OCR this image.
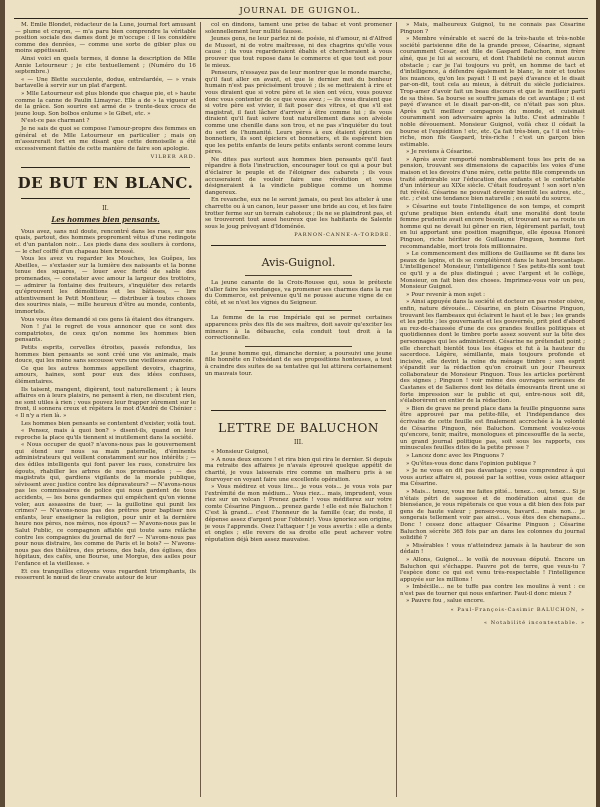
JOURNAL DE GUIGNOL.

M. Emile Blondet, rédacteur de la Lune, journal fort amusant — plume et crayon, — m'a paru bien comprendre la véritable position sociale des dames dont je m'occupe : il les considère comme des denrées, — comme une sorte de gibier plus ou moins appétissant.

Ainsi voici en quels termes, il donne la description de Mlle Annie Letourneur ; je cite textuellement ; (Numéro du 16 septembre.)

« — Une Blette succulente, dodue, entrelardée, — » vrais bartavelle à servir sur un plat d'argent.

» Mlle Letourneur est plus blonde que chaque pie, et » haute comme la canne de Paulin Limayrac. Elle a de » la vigueur et de la grâce. Son sourire est armé de » trente-deux crocs de jeune loup. Son bolbos enlume » le Gibet, etc. »

N'est-ce pas charmant ?

Je ne sais de quoi se compose l'amour-propre des femmes en général et de Mlle Letourneur en particulier ; mais on m'assurerait fort en me disant que cette demoiselle a été excessivement flattée de cette manière de faire son apologie.

VILBER ARD.

DE BUT EN BLANC.
II.
Les hommes bien pensants.

Vous avez, sans nul doute, rencontré dans les rues, sur nos quais, partout, des hommes proprement vêtus d'une redingote et d'un pantalon noir... Les pieds dans des souliers à cordons, — le chef coiffé d'un chapeau bien brossé.

Vous les avez vu regarder les Mouches, les Guêpes, les Abeilles, — s'extasier sur la lumière des naissants et la bonne tenue des squares, — louer avec fierté de sable des promenades, — constater avec amour la largeur des trottoirs, — admirer la fontaine des fruiteurs, s'inquiéter des retards qu'éprouvent les démolitions et les bâtisses, — lire attentivement le Petit Moniteur, — distribuer à toutes choses des sourires niais, — mille heureux d'être au monde, contents, immortels.

Vous vous êtes demandé si ces gens là étaient des étrangers.

Non ! j'ai le regret de vous annoncer que ce sont des compatriotes, de ceux qu'on nomme les hommes bien pensants.

Petits esprits, cervelles étroites, passés refondus, les hommes bien pensants se sont créé une vie animale, mais douce, qui les mène sans secousse vers une vieillesse avancée.

Ce que les autres hommes appellent devoirs, chagrins, amours, haines, sont pour eux des idées confuses, élémentaires.

Ils taisent, mangent, digèrent, tout naturellement ; à leurs affaires en à leurs plaisirs, ne pensent à rien, ne discutent rien, ne sont utiles à rien ; vous pouvez leur frapper sûrement sur le front, il sonnera creux et répètera le mot d'André de Chénier : « Il n'y a rien là. »

Les hommes bien pensants se contentent d'exister, voilà tout.

« Pensez, mais à quoi bon? » disent-ils, quand on leur reproche la place qu'ils tiennent si inutilement dans la société.

« Nous occuper de quoi? n'avons-nous pas le gouvernement qui étend sur nous sa main paternelle, d'éminents administrateurs qui veillent constamment sur nos intérêts ; — des édiles intelligents qui font paver les rues, construire les égouts, rhabiller les arbres de nos promenades ; — des magistrats qui, gardiens vigilants de la morale publique, sévissent avec justice contre les dépravateurs? — N'avons-nous pas les commissaires de police qui nous gardent de tous accidents, — les bons gendarmes qui empêchent qu'on vienne voler, aux assassins de tuer, — la guillotine qui punit les crimes? — N'avons-nous pas des prêtres pour baptiser nos enfants, leur enseigner la religion, pour unir et la dernière heure nos pères, nos mères, nos époux? — N'avons-nous pas le Salut Public, ce compagnon affable qui toute sans relâche contre les compagnies du journal de fer? — N'avons-nous pas pour nous distraire, les comme de Paris et le bois? — N'avons-nous pas des théâtres, des prisons, des bals, des églises, des hôpitaux, des cafés, une Bourse, une Morgue, des asiles pour l'enfance et la vieillesse. »

Et ces tranquilles citoyens vous regardent triomphants, ils resserrent le nœud de leur cravate autour de leur

col en dindons, tament une prise de tabac et vont promener solennellement leur nullité fausse.

Jeunes gens, ne leur parlez ni de poésie, ni d'amour, ni d'Alfred de Musset, ni de votre maîtresse, ni des chagrins qu'elle vous cause ; ils vous regarderaient ébahis et chercheraient à vous prouver que tout repose dans le commerce et que tout est pour le mieux.

Penseurs, n'essayez pas de leur montrer que le monde marche, qu'il faut aller en avant, et que le dernier mot du bonheur humain n'est pas précisément trouvé ; ils se mettraient à rire et vous diraient que si votre père et le sien ont vécu, vous pouvez donc vous contenter de ce que vous avez ; — ils vous diraient que si votre père est vivier, il fait poser des vitres, et que s'il est magistrat, il faut lâcher d'arriver à être comme lui ; ils vous diraient qu'il faut suivre tout naturellement dans son alvéole comme une chenille dans son trou, et ne pas s'inquiéter du tout du sort de l'humanité. Leurs pères à eux étaient épiciers ou bonnetiers, ils sont épiciers et bonnetiers, et ils espèrent bien que les petits enfants de leurs petits enfants seront comme leurs pères.

Ne dites pas surtout aux hommes bien pensants qu'il faut répandre à flots l'instruction, encourager tout ce qui a pour but d'éclairer le peuple et de l'éloigner des cabarets ; ils vous accuseraient de vouloir faire une révolution et vous désigneraient à la vindicte publique comme un homme dangereux.

En revanche, eux ne le seront jamais, ou peut les atteler à une charrette ou à un canon, leur passer une bride au cou, et les faire trotter ferme sur un terrain cahoteux ; ils ne se plaindront pas, et se trouveront tout aussi heureux que les habitants de Salente sous le joug prévoyant d'Idoménée.

PARNON-CANNE-A-TORDRE.

Avis-Guignol.

La jeune canante de la Croix-Rousse qui, sous le prétexte d'aller faire les vendanges, va promener ses charmes dans la rue du Commerce, est prévenue qu'il ne pousse aucune vigne de ce côté, et se n'est les vignes du Seigneur.

La femme de la rue Impériale qui se permet certaines apparences près des fils de ses maîtres, doit savoir qu'exciter les mineurs à la débauche, cela conduit tout droit à la correctionnelle.

Le jeune homme qui, dimanche dernier, a poursuivi une jeune fille honnête en l'obsédant de ses propositions honteuses, a tout à craindre des suites de sa tentative qui lui attirera certainement un mauvais tour.

LETTRE DE BALUCHON
III.

« Monsieur Guignol,

» A nous deux encore ! et rira bien qui rira le dernier. Si depuis ma retraite des affaires je n'avais éprouvé quelque appétit de charité, je vous laisserais rire comme un malheru pris à se fourvoyer en voyant faire une excellente opération.

» Vous médirez et vous lire... je vous vois... je vous vois par l'extrémité de mon médium... Vous riez... mais, imprudent, vous riez sur un volcan ! Prenez garde ! vous méditerez sur votre comte Césarine Pinguon... prenez garde ! elle est née Baluchon ! C'est là grand... c'est l'honneur de la famille (car, du reste, il dépense assez d'argent pour l'obtenir). Vous ignoriez son origine, je vous l'apprends. Osez l'attaquer ! je vous avertis : elle a dents et ongles ; elle revers de sa droite elle peut achever votre réputation déjà bien assez mauvaise.

» Mais, malheureux Guignol, tu ne connais pas Césarine Pinguon ?

» Membre vénérable et sacré de la très-haute et très-noble société parisienne dite de la grande presse, Césarine, signant couramment Cesar, est fille de Gaspard Baluchon, mon frère aîné, que je lui ai secouru, et dont l'habileté ne connut aucun obstacle ; car je l'ai toujours vu prêt, en homme de tact et d'intelligence, à défendre également le blanc, le noir et toutes les nuances, qu'on les payait ! Il est payé d'avance et le disait par-on-dit, tout cela au mieux, à détruit du siècle judiciaires. Trop-amer d'avoir fait un beau discours et que le meilleur parti de sa thèse. Sa bourse se souffre jamais de cet avantage ; il est payé d'avance et le disait par-on-dit, ce n'était pas son plus. Après qu'il meilleur compagnon du monde, et cuisinait couramment son adversaire après la lutte. C'est admirable ! noble dévouement. Monsieur Guignol, voilà chez il cédait la bourse et l'expédition ! etc, etc. Ça fait très-bien, ça ! il est très-riche, mon fils Gaspard, très-riche ! c'est un garçon bien estimable.

» Je reviens à Césarine.

» Après avoir remporté nombrablement tous les prix de sa pension, trouvant ses dimensions de capacités les voies d'une maison et les devoirs d'une mère, cette petite fille comprends un traité admirable sur l'éducation des enfants et le confortable d'un intérieur au XIXe siècle. C'était foudroyant ! son sort n'en fut révélé. Césarine ne pouvait devenir bientôt les autres, etc., etc. ; c'est une tendance bien naturelle ; en sauté du source.

» Césarine eut toute l'intelligence de son temps, et comprit qu'une pratique bien entendu était une moralité dont toute femme prudente avait encore besoin, et trouvant sur sa route un homme qui ne devait lui gêner en rien, légèrement parfait, tout en lui apportant une position magnifique, elle épousa Honoré Pinguon, riche héritier de Guillaume Pinguon, homme fort recommandable, mort trois fois millionnaire.

» Le commencement des millions de Guillaume se fit dans les peaux de lapins, et ils se complétèrent dans le haut brocantage. L'intelligence! Monsieur, l'intelligence ! Ses petits-fils sont tout ce qu'il y a de plus distingué ; avec l'argent et le collège, Monsieur, on fait bien des choses. Imprimez-vous voir un peu, Monsieur Guignol.

» Pour revenir à mon sujet :

» Ainsi appuyée dans la société et docteur en pas rester oisive, enfin, nature dévouée... Césarine, en plein Césarine Pinguon, trouvant les flambeaux qui éclairent le haut et le bas ; les grands et les petits ; les gouvernants et les gouvernés, prit pied d'abord au rez-de-chaussée d'une de ces grandes feuilles politiques et quotidiennes dont le timbre porte assez souvent sur la tête des personnages qui les administrent. Césarine ne prétendait point ; elle cherchait bientôt tous les étages et fut à la hauteur du sacerdoce. Légère, sémillante, mais toujours profonde et incisive, elle devint la reine du ménage timbre ; son esprit s'épandit sur la rédaction qu'on croirait un jour l'heureux collaborateur de Monsieur Pinguon. Tous les articles portèrent des signes ; Pinguon ! voir même des ouvrages serieuses de Castanes et de Salieres dont les détails émouvants firent une si forte impression sur le public et qui, entre-nous soit dit, s'élaborèrent en entier de la rédaction.

» Bien de grave ne prend place dans la feuille pinguonne sans être approuvé par ma petite-fille, et l'indépendance des écrivains de cette feuille est finalement accrochée à la volonté de Césarine Pinguon, née Baluchon. Comment voulez-vous qu'encore, tenir, maître, monologues et pincesouffle de la secte, un grand journal politique pas, soit sous les rapports, ces minuscules feuilles dites de la petite presse ?

» Lancez donc avec les Pinguons ?

» Qu'êtes-vous donc dans l'opinion publique ?

» Je ne vous en dit pas davantage ; vous comprendrez à qui vous auriez affaire si, poussé par la sottise, vous osiez attaquer ma Césarine.

» Mais... tenez, vous me faites pitié... tenez... oui, tenez... Si je n'étais pétri de sagesse et de modération ainsi que de bienséance, je vous répèterais ce que vous a dit bien des fois par gens de haute valeur ; pensez-vous, bavard... mais non... je songerais tellement voir pas ainsi... vous êtes des chenapans... Donc ! cessez donc attaquer Césarine Pinguon ; Césarine Baluchon sécrète 365 fois par an dans les colonnes du journal solidifié ?

» Misérables ! vous n'atteindrez jamais à la hauteur de son dédain !

» Allons, Guignol... le voilà de nouveau député. Encore un Baluchon qui s'échappe. Pauvre pot de terre, que veux-tu ? l'espèce donc ce qui est venu très-respectable ! l'intelligence appuyée sur les millions !

» Imbécille... ne te tuffe pas contre les moulins à vent : ce n'est pas de tourner qui nous enfariner. Faut-il donc mieux ?

» Pauvre fou , salue encore.

« Paul-François-Casimir BALUCHON, »

« Notabilité incontestable. »
